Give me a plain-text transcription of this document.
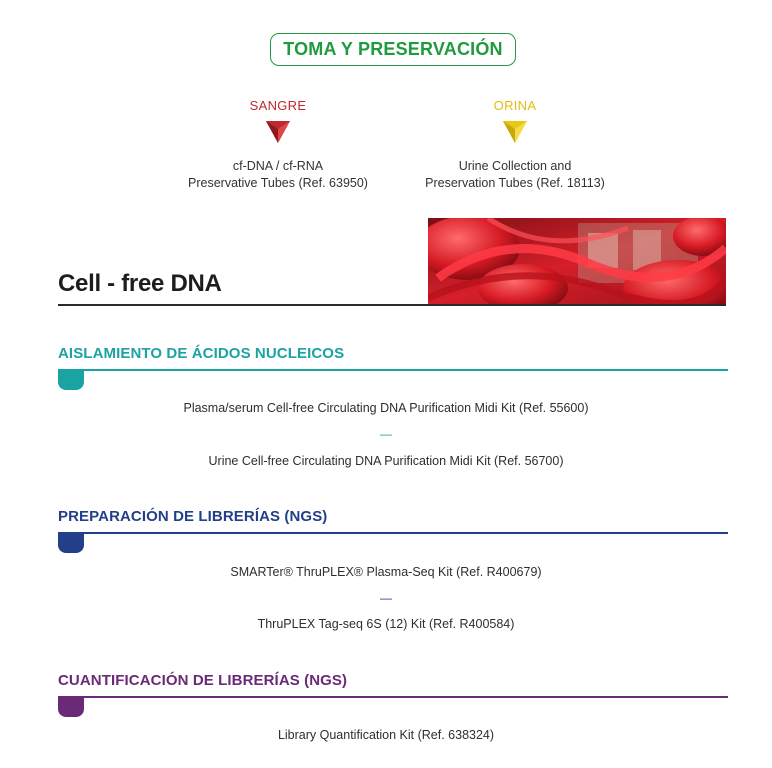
TOMA Y PRESERVACIÓN
SANGRE
cf-DNA / cf-RNA
Preservative Tubes (Ref. 63950)
ORINA
Urine Collection and
Preservation Tubes (Ref. 18113)
Cell - free DNA
AISLAMIENTO DE ÁCIDOS NUCLEICOS
Plasma/serum Cell-free Circulating DNA Purification Midi Kit (Ref. 55600)
—
Urine Cell-free Circulating DNA Purification Midi Kit (Ref. 56700)
PREPARACIÓN DE LIBRERÍAS (NGS)
SMARTer® ThruPLEX® Plasma-Seq Kit (Ref. R400679)
—
ThruPLEX Tag-seq 6S (12) Kit (Ref. R400584)
CUANTIFICACIÓN DE LIBRERÍAS (NGS)
Library Quantification Kit (Ref. 638324)
